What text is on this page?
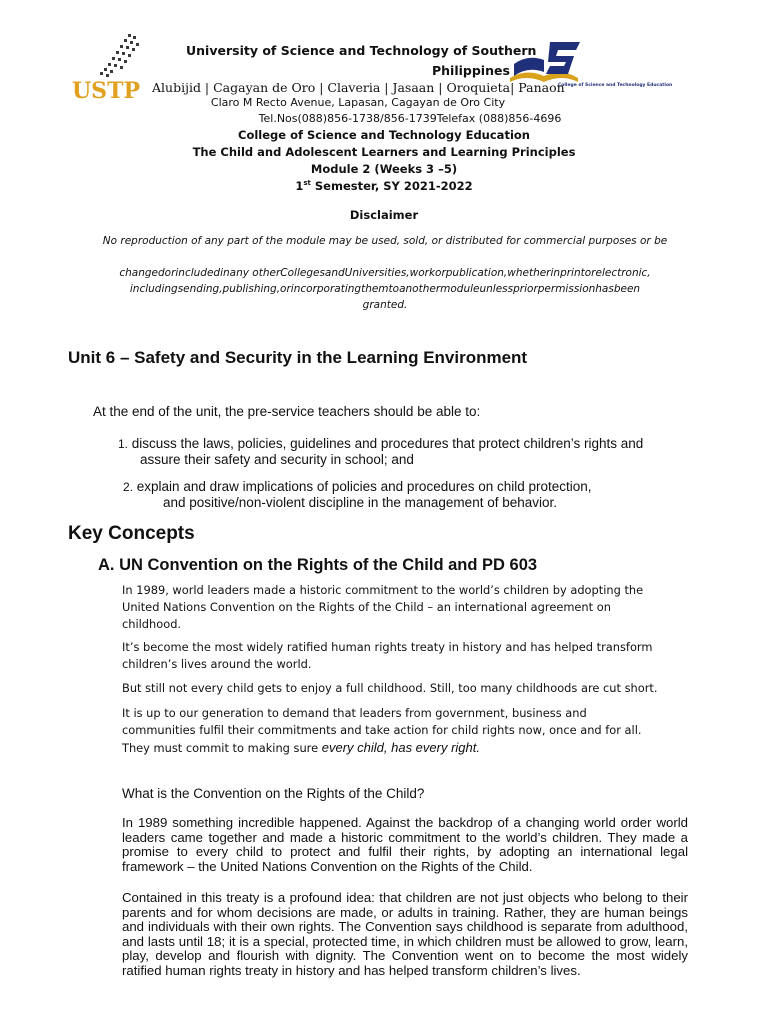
USTP
University of Science and Technology of Southern
Philippines
College of Science and Technology Education
Alubijid | Cagayan de Oro | Claveria | Jasaan | Oroquieta| Panaon
Claro M Recto Avenue, Lapasan, Cagayan de Oro City
Tel.Nos(088)856-1738/856-1739Telefax (088)856-4696
College of Science and Technology Education
The Child and Adolescent Learners and Learning Principles
Module 2 (Weeks 3 –5)
1st Semester, SY 2021-2022
Disclaimer
No reproduction of any part of the module may be used, sold, or distributed for commercial purposes or be
changedorincludedinany otherCollegesandUniversities,workorpublication,whetherinprintorelectronic,
includingsending,publishing,orincorporatingthemtoanothermoduleunlesspriorpermissionhasbeen
granted.
Unit 6 – Safety and Security in the Learning Environment
At the end of the unit, the pre-service teachers should be able to:
1. discuss the laws, policies, guidelines and procedures that protect children’s rights and
assure their safety and security in school; and
2. explain and draw implications of policies and procedures on child protection,
and positive/non-violent discipline in the management of behavior.
Key Concepts
A. UN Convention on the Rights of the Child and PD 603
In 1989, world leaders made a historic commitment to the world’s children by adopting the United Nations Convention on the Rights of the Child – an international agreement on childhood.
It’s become the most widely ratified human rights treaty in history and has helped transform children’s lives around the world.
But still not every child gets to enjoy a full childhood. Still, too many childhoods are cut short.
It is up to our generation to demand that leaders from government, business and communities fulfil their commitments and take action for child rights now, once and for all. They must commit to making sure every child, has every right.
What is the Convention on the Rights of the Child?
In 1989 something incredible happened. Against the backdrop of a changing world order world leaders came together and made a historic commitment to the world’s children. They made a promise to every child to protect and fulfil their rights, by adopting an international legal framework – the United Nations Convention on the Rights of the Child.
Contained in this treaty is a profound idea: that children are not just objects who belong to their parents and for whom decisions are made, or adults in training. Rather, they are human beings and individuals with their own rights. The Convention says childhood is separate from adulthood, and lasts until 18; it is a special, protected time, in which children must be allowed to grow, learn, play, develop and flourish with dignity. The Convention went on to become the most widely ratified human rights treaty in history and has helped transform children’s lives.
